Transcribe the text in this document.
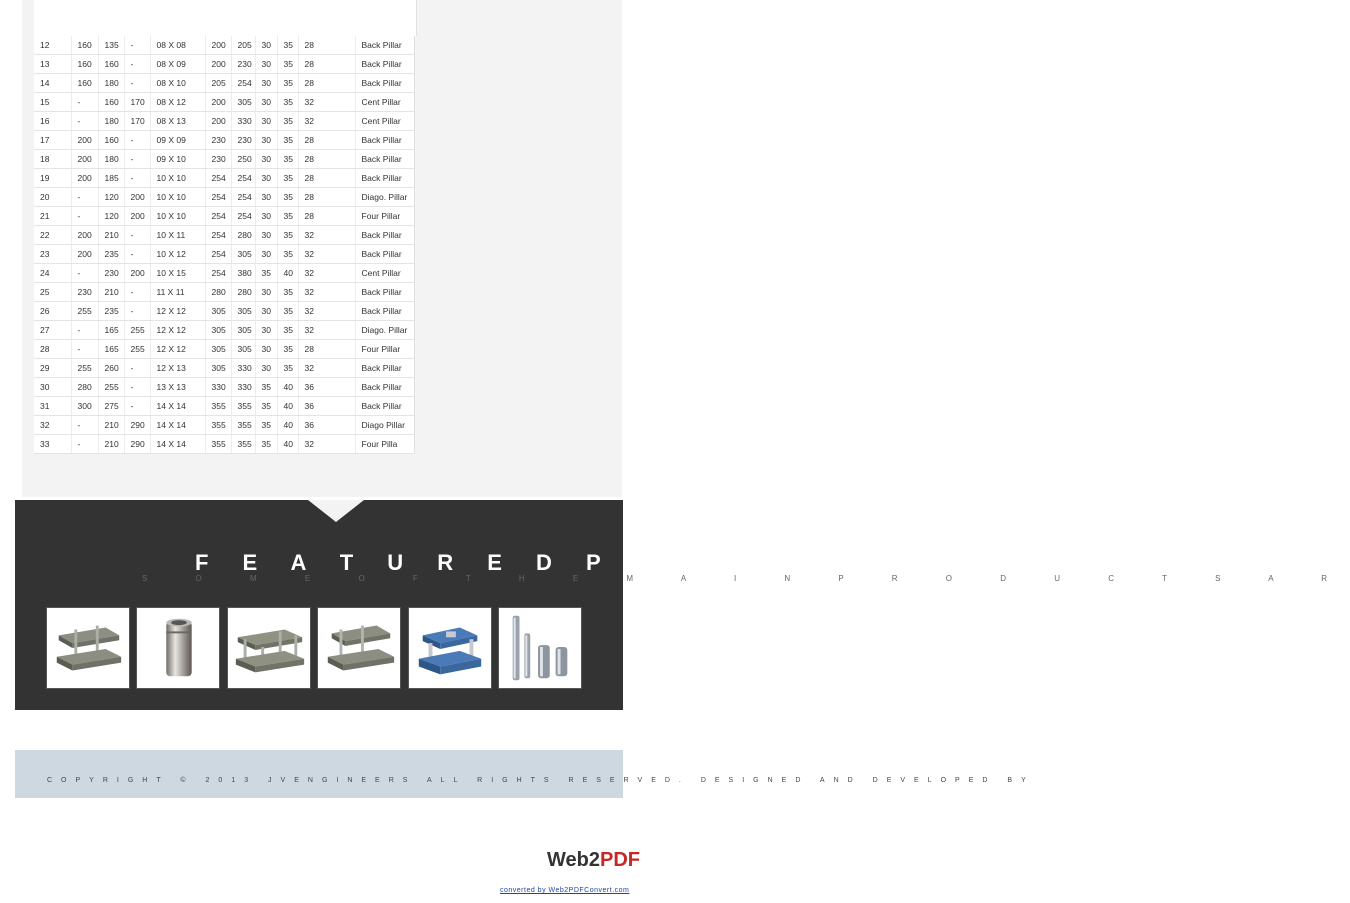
12	160	135	-	08 X 08	200	205	30	35	28	Back Pillar
13	160	160	-	08 X 09	200	230	30	35	28	Back Pillar
14	160	180	-	08 X 10	205	254	30	35	28	Back Pillar
15	-	160	170	08 X 12	200	305	30	35	32	Cent Pillar
16	-	180	170	08 X 13	200	330	30	35	32	Cent Pillar
17	200	160	-	09 X 09	230	230	30	35	28	Back Pillar
18	200	180	-	09 X 10	230	250	30	35	28	Back Pillar
19	200	185	-	10 X 10	254	254	30	35	28	Back Pillar
20	-	120	200	10 X 10	254	254	30	35	28	Diago. Pillar
21	-	120	200	10 X 10	254	254	30	35	28	Four Pillar
22	200	210	-	10 X 11	254	280	30	35	32	Back Pillar
23	200	235	-	10 X 12	254	305	30	35	32	Back Pillar
24	-	230	200	10 X 15	254	380	35	40	32	Cent Pillar
25	230	210	-	11 X 11	280	280	30	35	32	Back Pillar
26	255	235	-	12 X 12	305	305	30	35	32	Back Pillar
27	-	165	255	12 X 12	305	305	30	35	32	Diago. Pillar
28	-	165	255	12 X 12	305	305	30	35	28	Four Pillar
29	255	260	-	12 X 13	305	330	30	35	32	Back Pillar
30	280	255	-	13 X 13	330	330	35	40	36	Back Pillar
31	300	275	-	14 X 14	355	355	35	40	36	Back Pillar
32	-	210	290	14 X 14	355	355	35	40	36	Diago Pillar
33	-	210	290	14 X 14	355	355	35	40	32	Four Pilla
F E A T U R E D P R O D U C T
S O M E O F T H E M A I N P R O D U C T S A R
COPYRIGHT © 2013 JVENGINEERS ALL RIGHTS RESERVED. DESIGNED AND DEVELOPED BY
Web2PDF
converted by Web2PDFConvert.com
